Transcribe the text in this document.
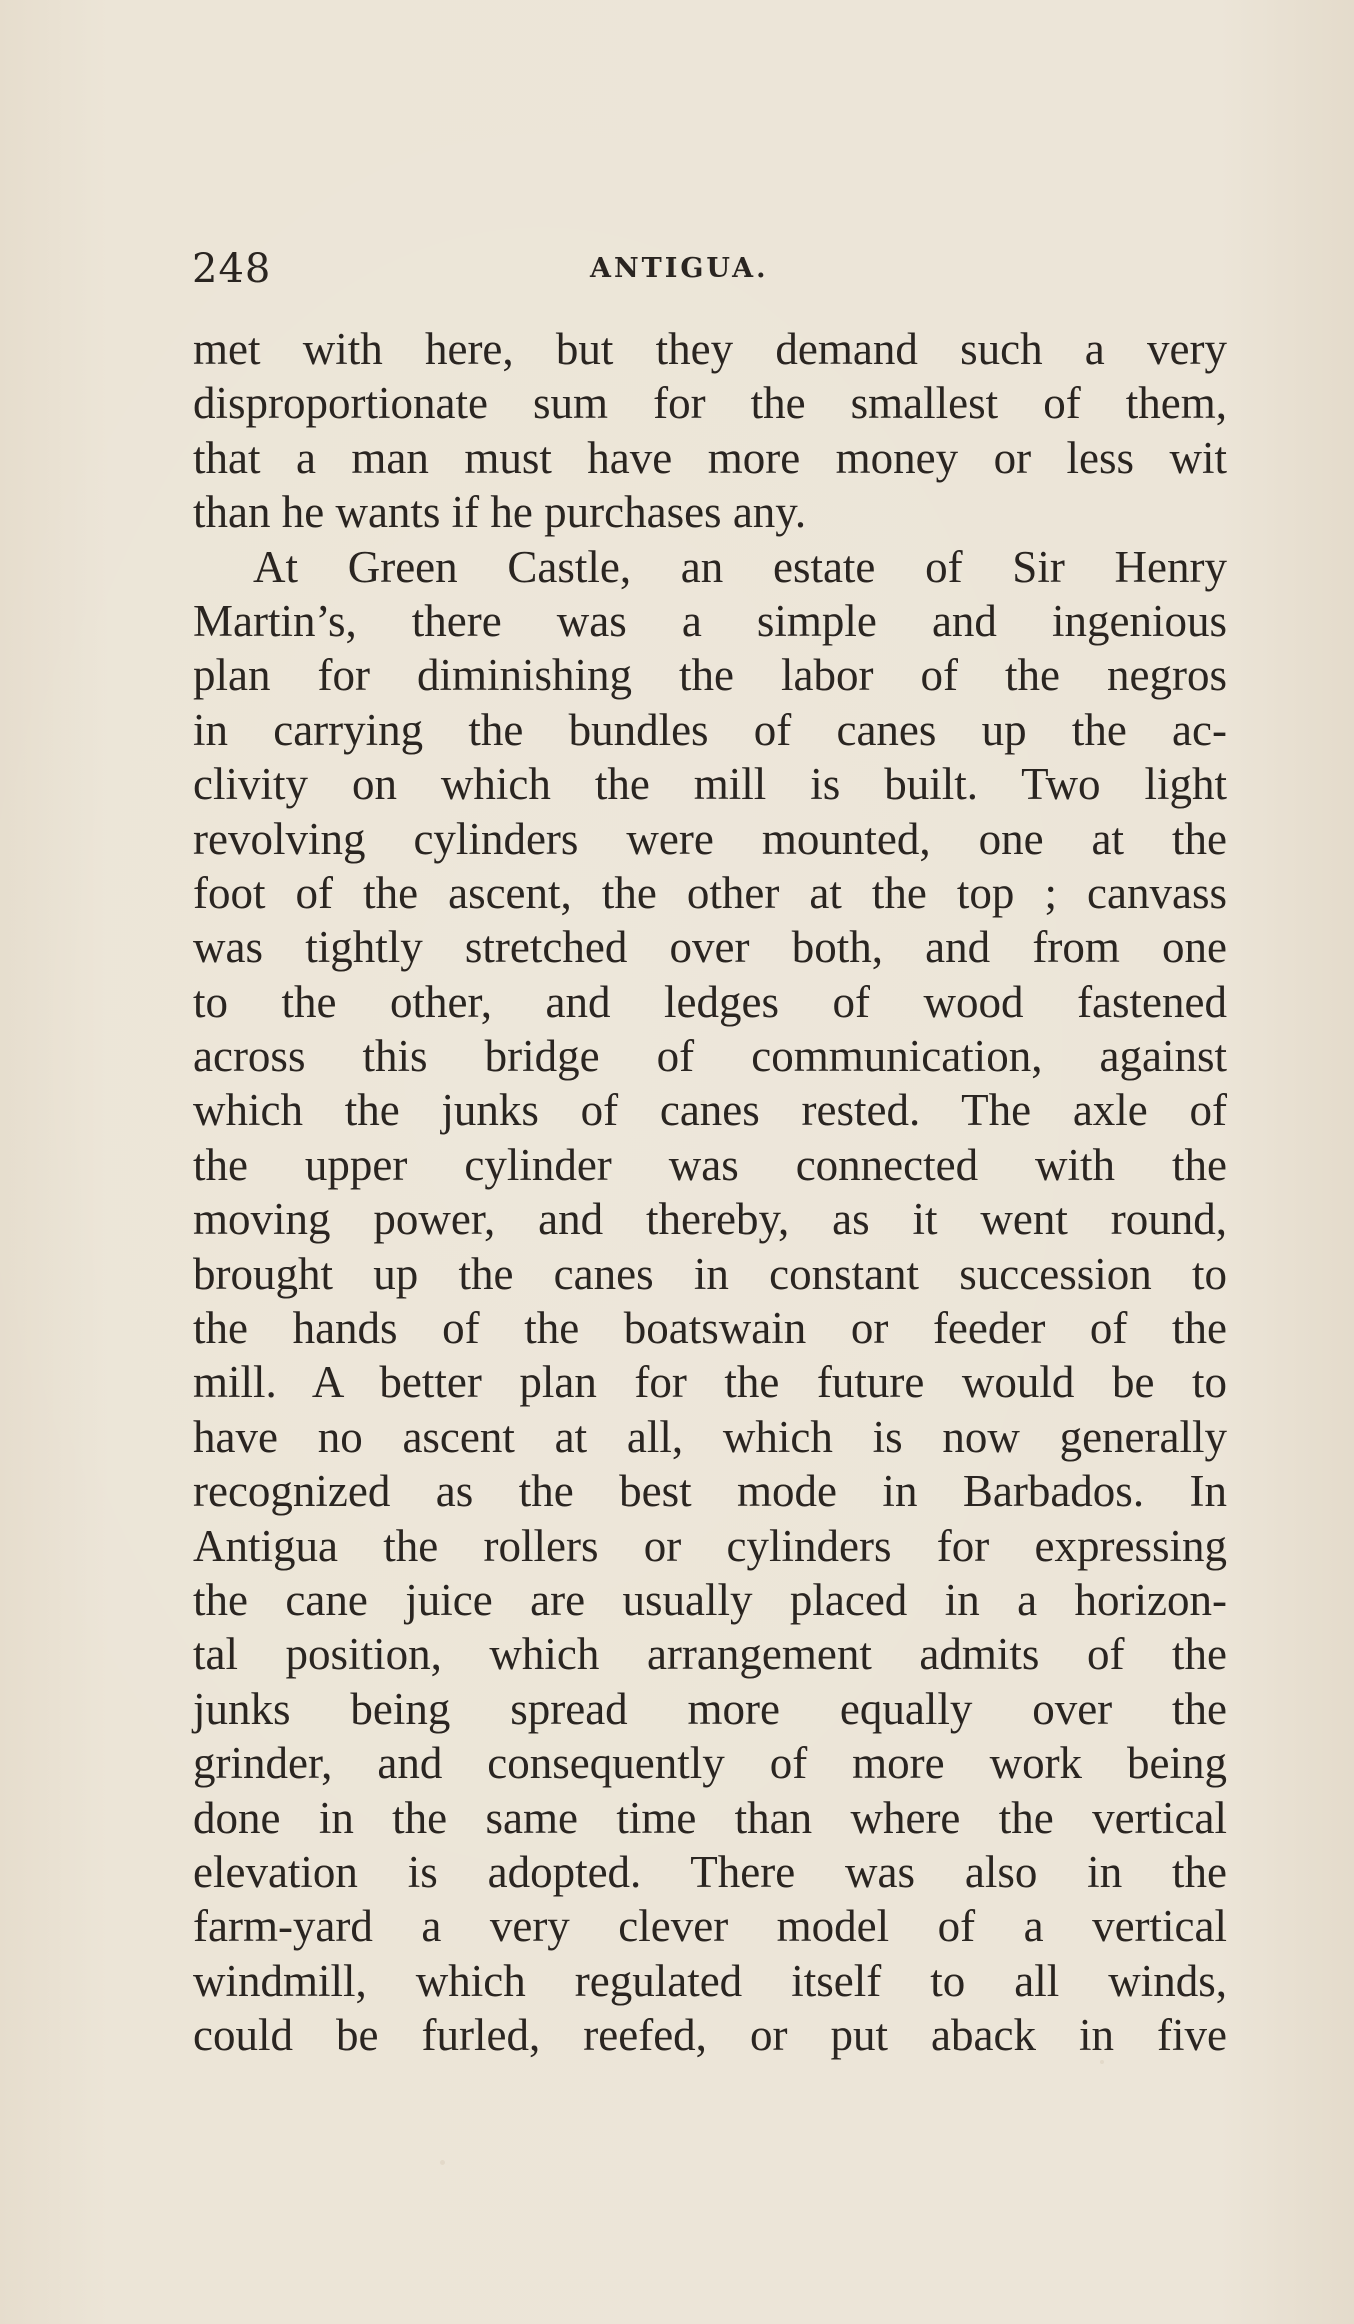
248	ANTIGUA.
met with here, but they demand such a very
disproportionate sum for the smallest of them,
that a man must have more money or less wit
than he wants if he purchases any.
At Green Castle, an estate of Sir Henry
Martin’s, there was a simple and ingenious
plan for diminishing the labor of the negros
in carrying the bundles of canes up the ac-
clivity on which the mill is built. Two light
revolving cylinders were mounted, one at the
foot of the ascent, the other at the top ; canvass
was tightly stretched over both, and from one
to the other, and ledges of wood fastened
across this bridge of communication, against
which the junks of canes rested. The axle of
the upper cylinder was connected with the
moving power, and thereby, as it went round,
brought up the canes in constant succession to
the hands of the boatswain or feeder of the
mill. A better plan for the future would be to
have no ascent at all, which is now generally
recognized as the best mode in Barbados. In
Antigua the rollers or cylinders for expressing
the cane juice are usually placed in a horizon-
tal position, which arrangement admits of the
junks being spread more equally over the
grinder, and consequently of more work being
done in the same time than where the vertical
elevation is adopted. There was also in the
farm-yard a very clever model of a vertical
windmill, which regulated itself to all winds,
could be furled, reefed, or put aback in five
